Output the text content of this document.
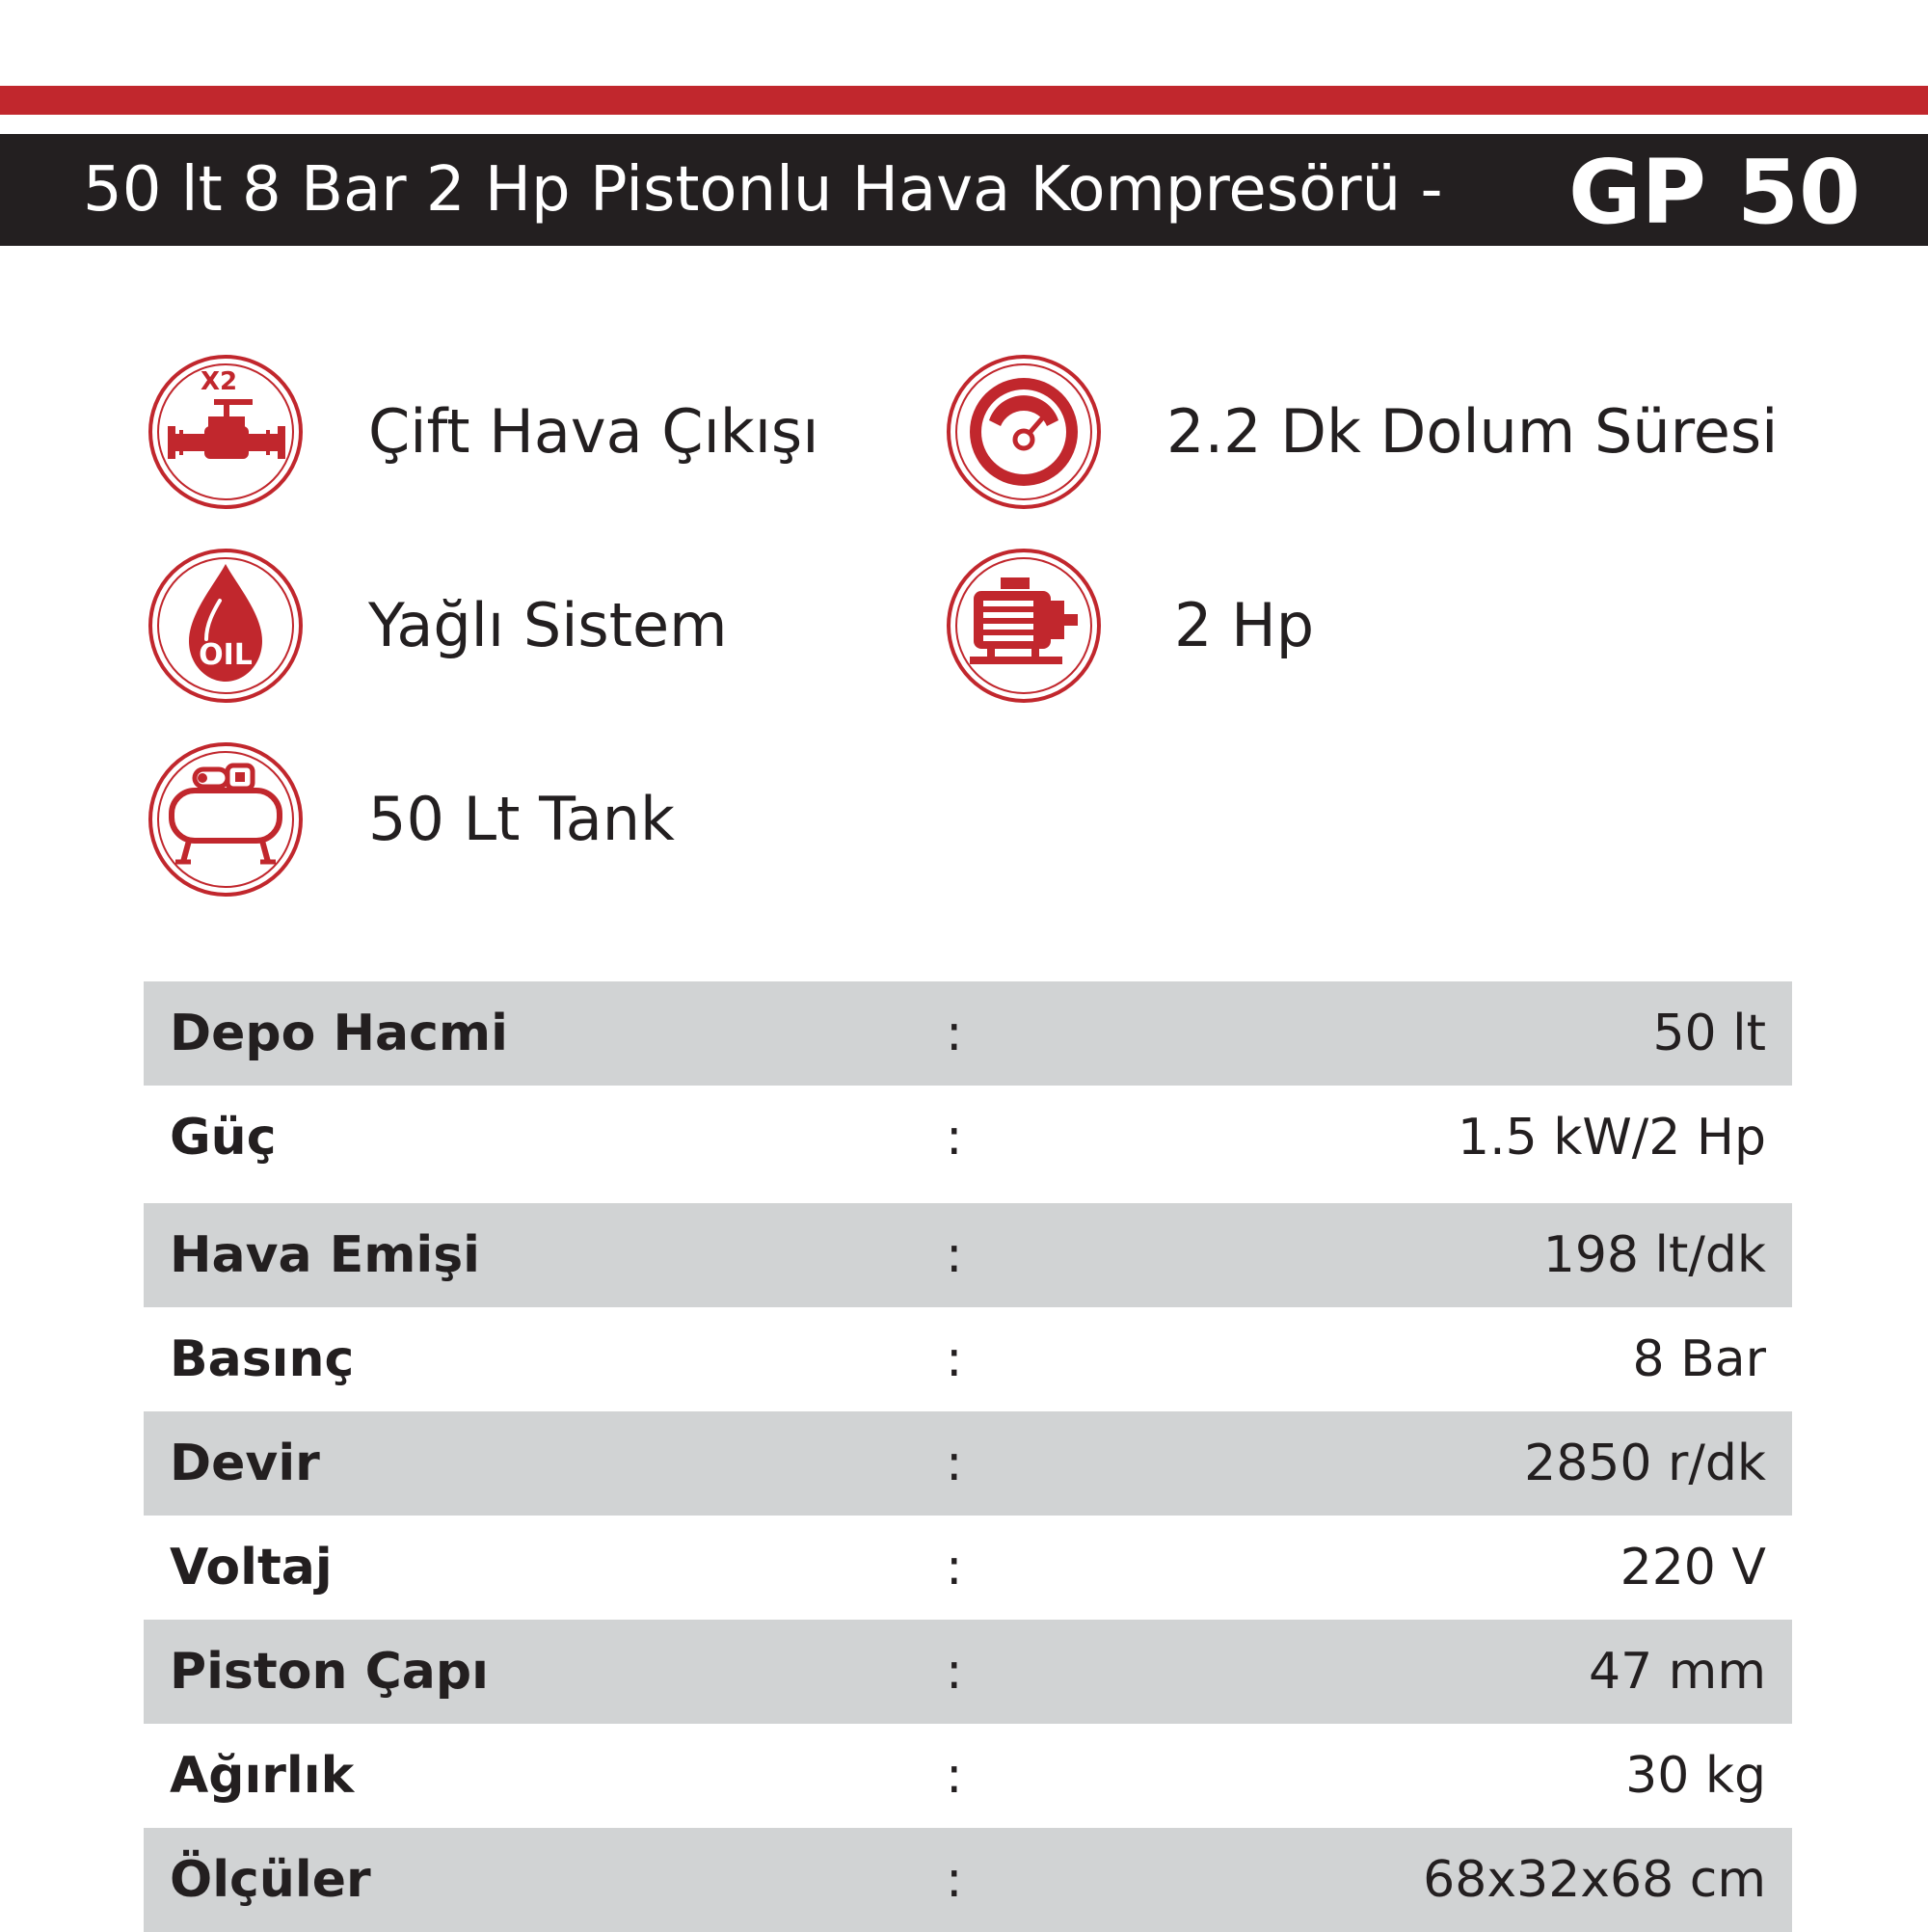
50 lt 8 Bar 2 Hp Pistonlu Hava Kompresörü - GP 50
X2
Çift Hava Çıkışı	2.2 Dk Dolum Süresi
OIL Yağlı Sistem	2 Hp
50 Lt Tank
Depo Hacmi	:	50 lt
Güç	:	1.5 kW/2 Hp
Hava Emişi	:	198 lt/dk
Basınç	:	8 Bar
Devir	:	2850 r/dk
Voltaj	:	220 V
Piston Çapı	:	47 mm
Ağırlık	:	30 kg
Ölçüler	:	68x32x68 cm
